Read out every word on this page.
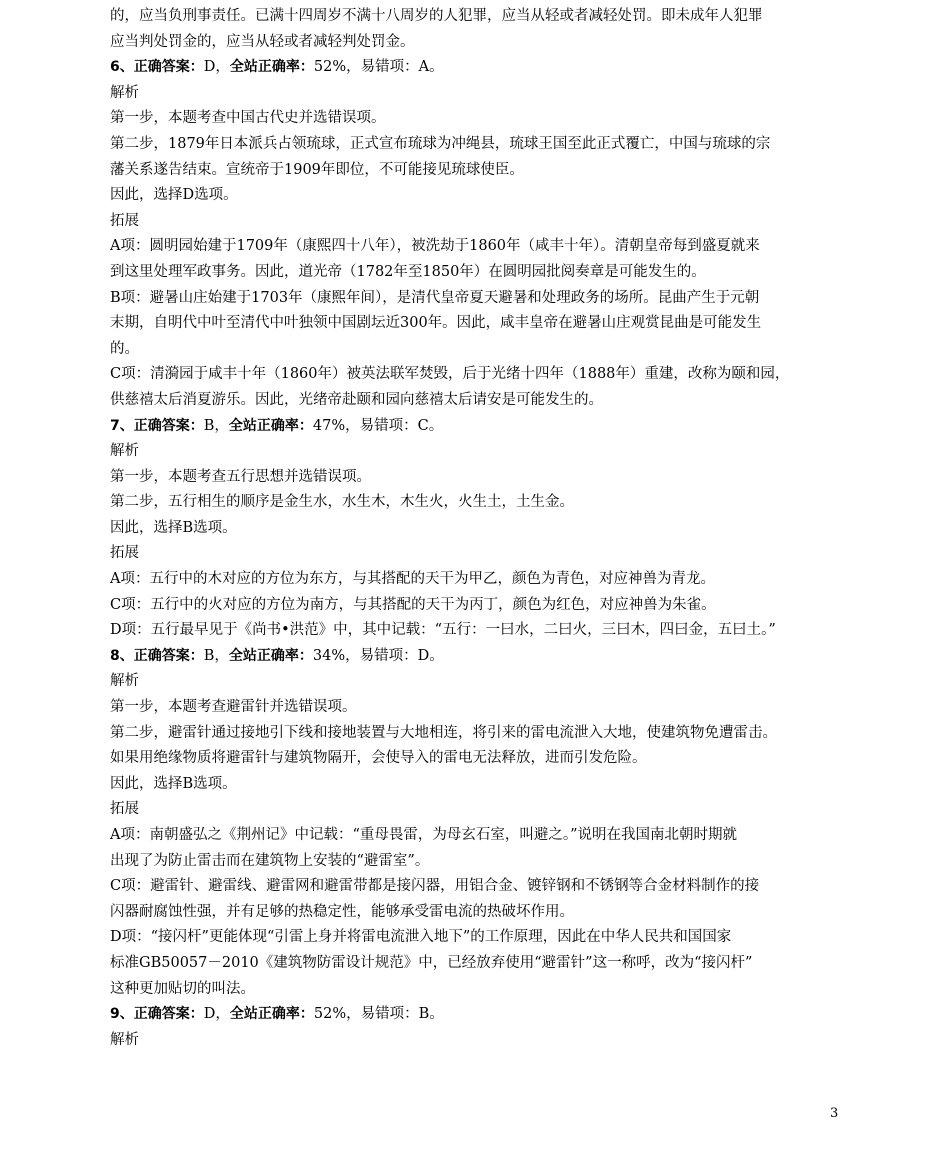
的，应当负刑事责任。已满十四周岁不满十八周岁的人犯罪，应当从轻或者减轻处罚。即未成年人犯罪
应当判处罚金的，应当从轻或者减轻判处罚金。
6、正确答案：D，全站正确率：52%，易错项：A。
解析
第一步，本题考查中国古代史并选错误项。
第二步，1879年日本派兵占领琉球，正式宣布琉球为冲绳县，琉球王国至此正式覆亡，中国与琉球的宗
藩关系遂告结束。宣统帝于1909年即位，不可能接见琉球使臣。
因此，选择D选项。
拓展
A项：圆明园始建于1709年（康熙四十八年），被洗劫于1860年（咸丰十年）。清朝皇帝每到盛夏就来
到这里处理军政事务。因此，道光帝（1782年至1850年）在圆明园批阅奏章是可能发生的。
B项：避暑山庄始建于1703年（康熙年间），是清代皇帝夏天避暑和处理政务的场所。昆曲产生于元朝
末期，自明代中叶至清代中叶独领中国剧坛近300年。因此，咸丰皇帝在避暑山庄观赏昆曲是可能发生
的。
C项：清漪园于咸丰十年（1860年）被英法联军焚毁，后于光绪十四年（1888年）重建，改称为颐和园，
供慈禧太后消夏游乐。因此，光绪帝赴颐和园向慈禧太后请安是可能发生的。
7、正确答案：B，全站正确率：47%，易错项：C。
解析
第一步，本题考查五行思想并选错误项。
第二步，五行相生的顺序是金生水，水生木，木生火，火生土，土生金。
因此，选择B选项。
拓展
A项：五行中的木对应的方位为东方，与其搭配的天干为甲乙，颜色为青色，对应神兽为青龙。
C项：五行中的火对应的方位为南方，与其搭配的天干为丙丁，颜色为红色，对应神兽为朱雀。
D项：五行最早见于《尚书•洪范》中，其中记载：“五行：一曰水，二曰火，三曰木，四曰金，五曰土。”
8、正确答案：B，全站正确率：34%，易错项：D。
解析
第一步，本题考查避雷针并选错误项。
第二步，避雷针通过接地引下线和接地装置与大地相连，将引来的雷电流泄入大地，使建筑物免遭雷击。
如果用绝缘物质将避雷针与建筑物隔开，会使导入的雷电无法释放，进而引发危险。
因此，选择B选项。
拓展
A项：南朝盛弘之《荆州记》中记载：“重母畏雷，为母玄石室，叫避之。”说明在我国南北朝时期就
出现了为防止雷击而在建筑物上安装的“避雷室”。
C项：避雷针、避雷线、避雷网和避雷带都是接闪器，用铝合金、镀锌钢和不锈钢等合金材料制作的接
闪器耐腐蚀性强，并有足够的热稳定性，能够承受雷电流的热破坏作用。
D项：“接闪杆”更能体现“引雷上身并将雷电流泄入地下”的工作原理，因此在中华人民共和国国家
标准GB50057－2010《建筑物防雷设计规范》中，已经放弃使用“避雷针”这一称呼，改为“接闪杆”
这种更加贴切的叫法。
9、正确答案：D，全站正确率：52%，易错项：B。
解析
3
